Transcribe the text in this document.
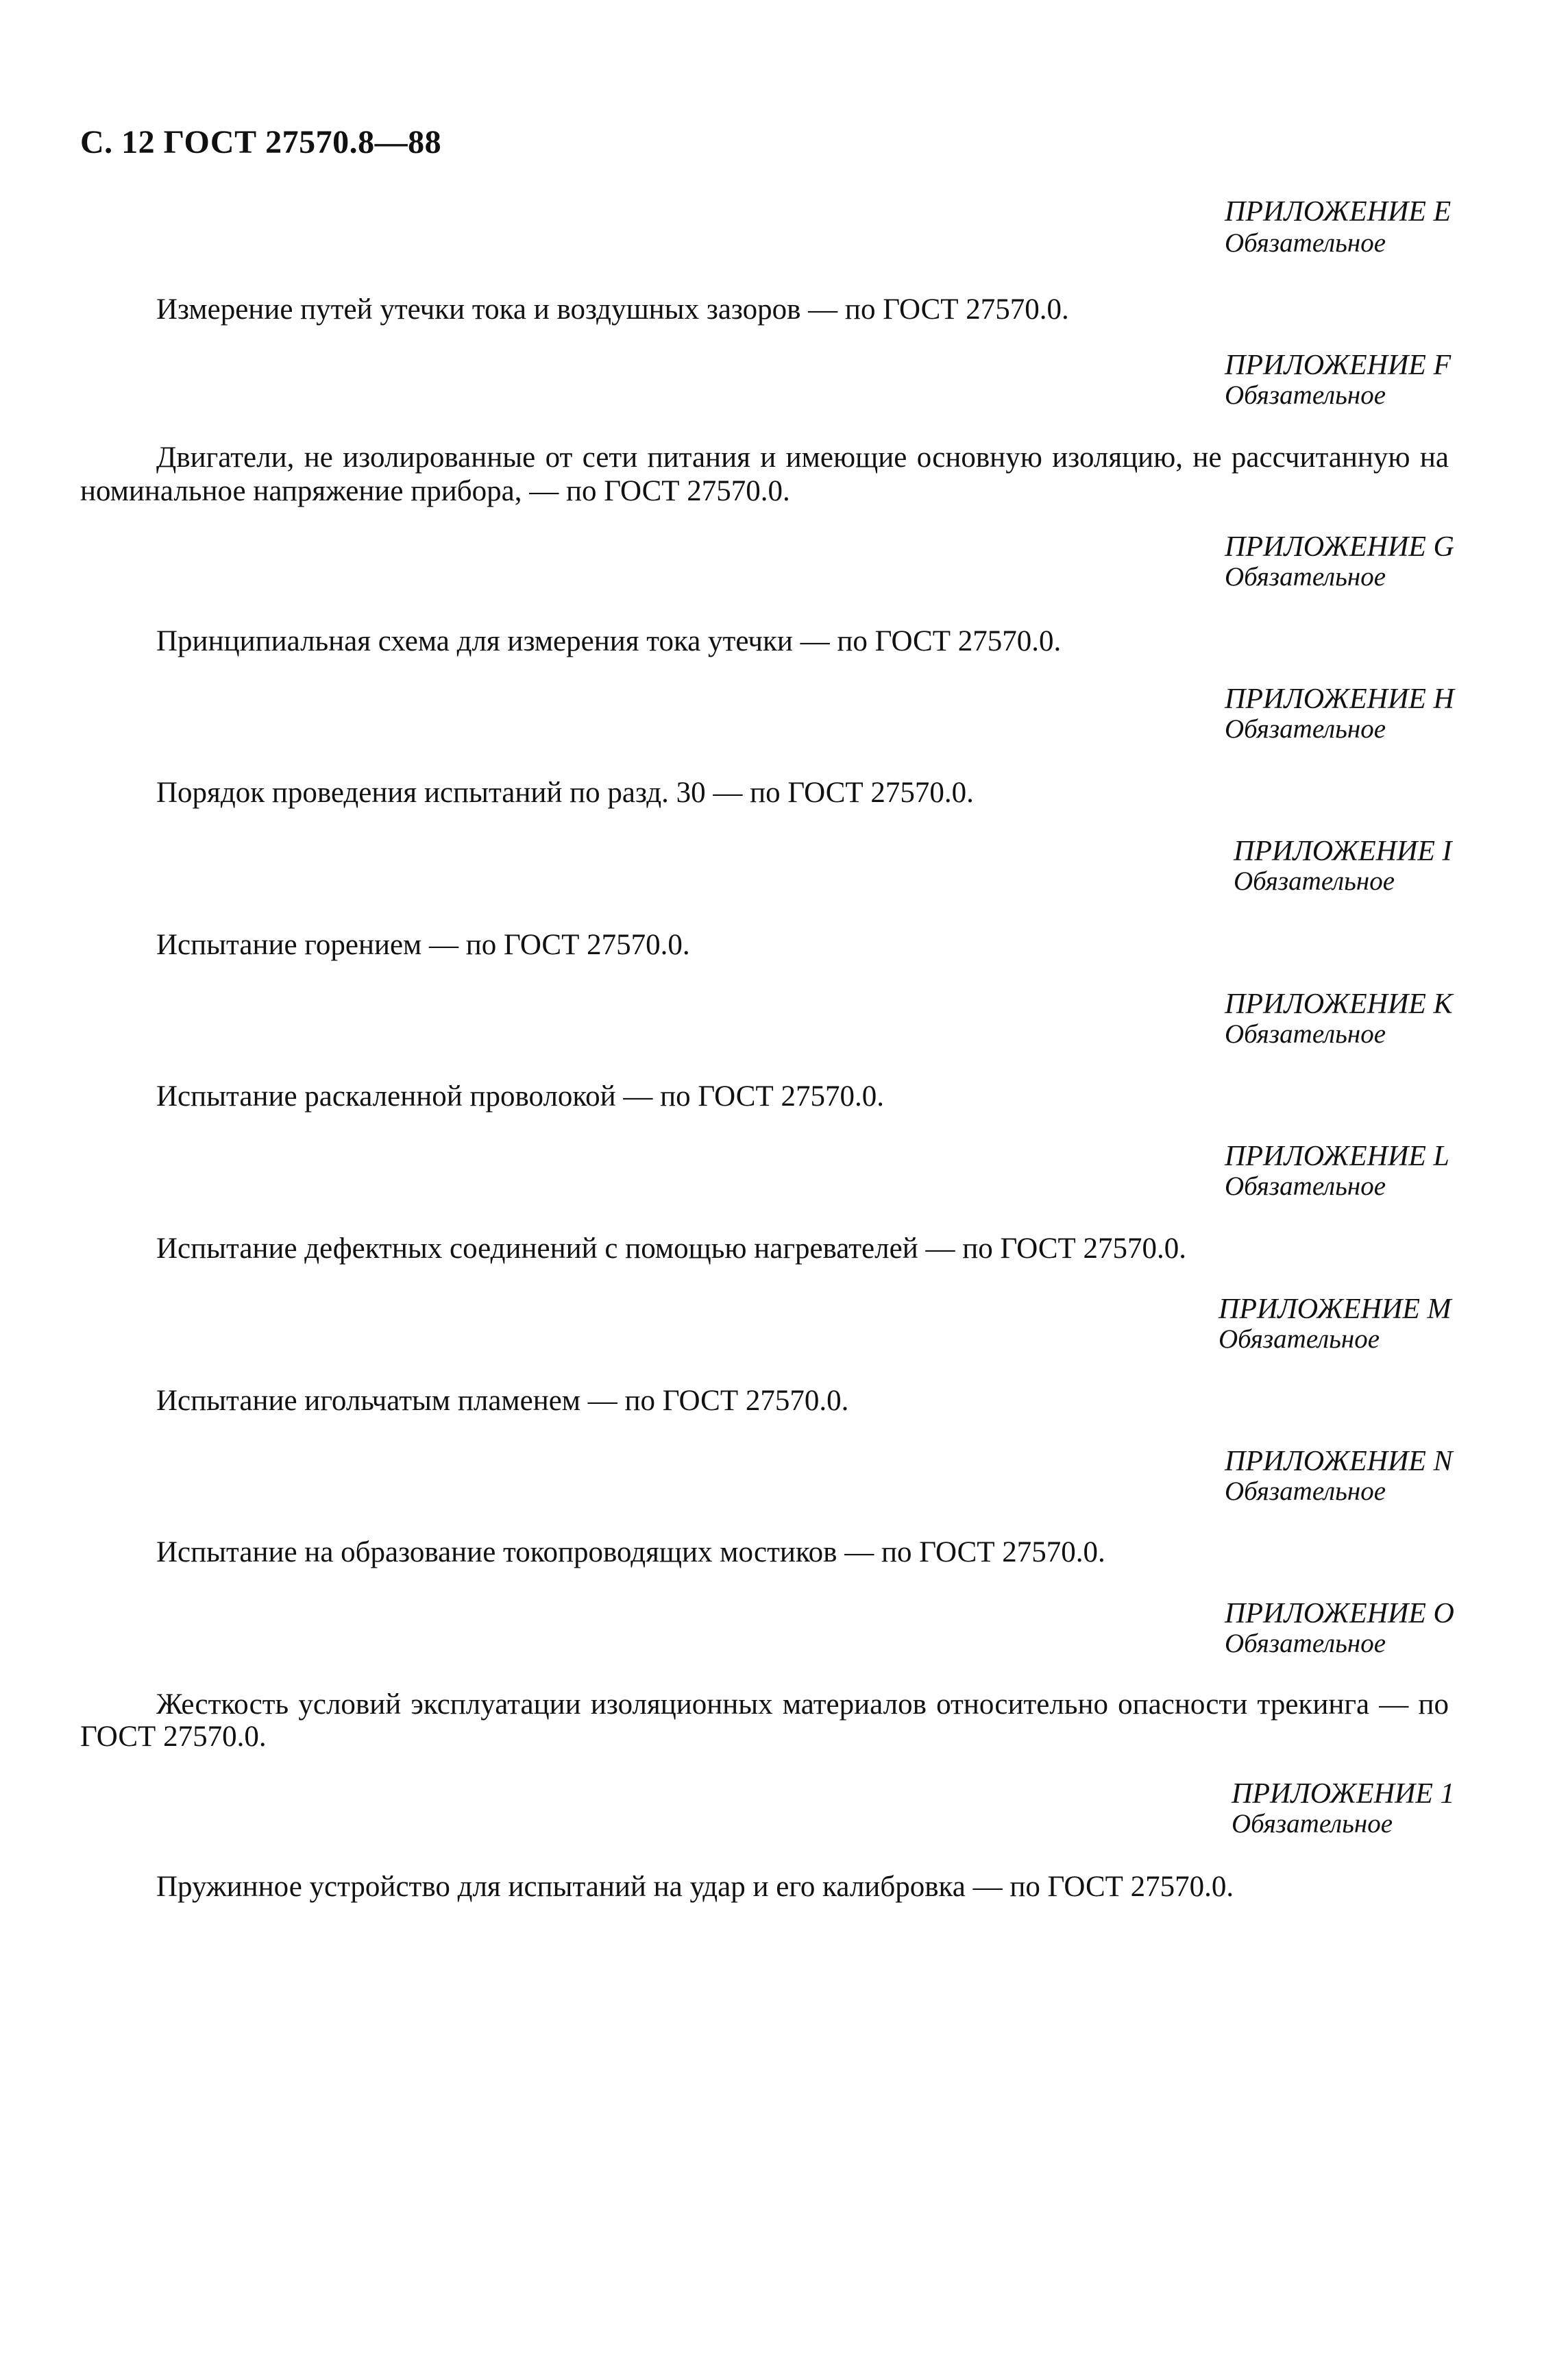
С. 12 ГОСТ 27570.8—88
ПРИЛОЖЕНИЕ Е
Обязательное
Измерение путей утечки тока и воздушных зазоров — по ГОСТ 27570.0.
ПРИЛОЖЕНИЕ F
Обязательное
Двигатели, не изолированные от сети питания и имеющие основную изоляцию, не рассчитанную на
номинальное напряжение прибора, — по ГОСТ 27570.0.
ПРИЛОЖЕНИЕ G
Обязательное
Принципиальная схема для измерения тока утечки — по ГОСТ 27570.0.
ПРИЛОЖЕНИЕ Н
Обязательное
Порядок проведения испытаний по разд. 30 — по ГОСТ 27570.0.
ПРИЛОЖЕНИЕ I
Обязательное
Испытание горением — по ГОСТ 27570.0.
ПРИЛОЖЕНИЕ К
Обязательное
Испытание раскаленной проволокой — по ГОСТ 27570.0.
ПРИЛОЖЕНИЕ L
Обязательное
Испытание дефектных соединений с помощью нагревателей — по ГОСТ 27570.0.
ПРИЛОЖЕНИЕ М
Обязательное
Испытание игольчатым пламенем — по ГОСТ 27570.0.
ПРИЛОЖЕНИЕ N
Обязательное
Испытание на образование токопроводящих мостиков — по ГОСТ 27570.0.
ПРИЛОЖЕНИЕ О
Обязательное
Жесткость условий эксплуатации изоляционных материалов относительно опасности трекинга — по
ГОСТ 27570.0.
ПРИЛОЖЕНИЕ 1
Обязательное
Пружинное устройство для испытаний на удар и его калибровка — по ГОСТ 27570.0.
